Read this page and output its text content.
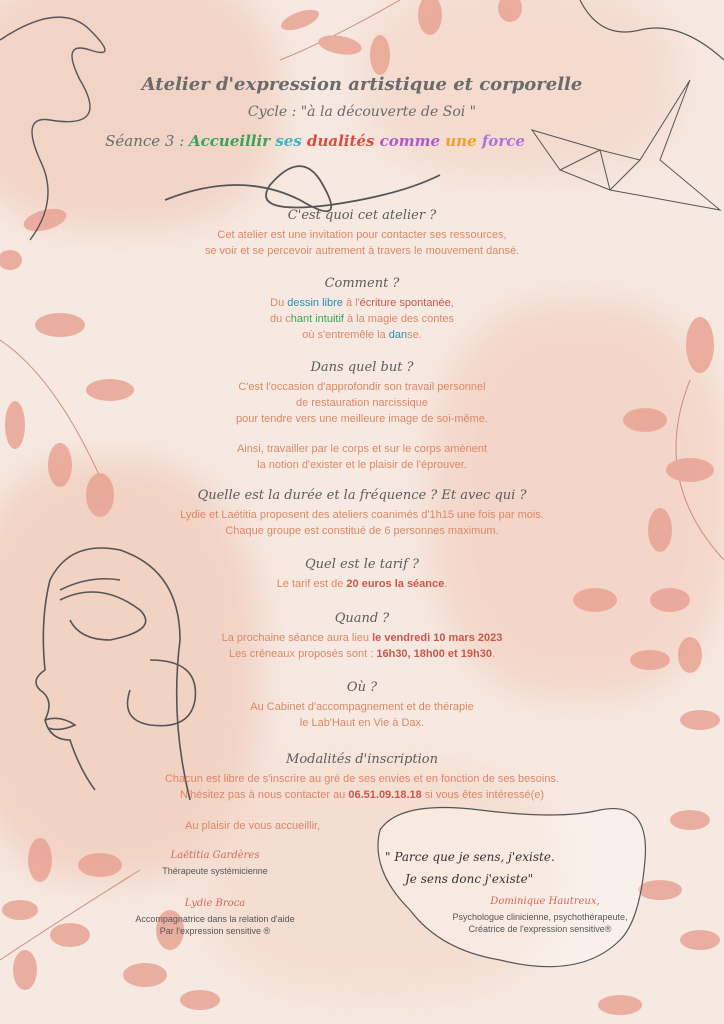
Atelier d'expression artistique et corporelle
Cycle : "à la découverte de Soi "
Séance 3 : Accueillir ses dualités comme une force
C'est quoi cet atelier ?
Cet atelier est une invitation pour contacter ses ressources,
se voir et se percevoir autrement à travers le mouvement dansé.
Comment ?
Du dessin libre à l'écriture spontanée,
du chant intuitif à la magie des contes
où s'entremêle la danse.
Dans quel but ?
C'est l'occasion d'approfondir son travail personnel
de restauration narcissique
pour tendre vers une meilleure image de soi-même.
Ainsi, travailler par le corps et sur le corps amènent
la notion d'exister et le plaisir de l'éprouver.
Quelle est la durée et la fréquence ? Et avec qui ?
Lydie et Laétitia proposent des ateliers coanimés d'1h15 une fois par mois.
Chaque groupe est constitué de 6 personnes maximum.
Quel est le tarif ?
Le tarif est de 20 euros la séance.
Quand ?
La prochaine séance aura lieu le vendredi 10 mars 2023
Les créneaux proposés sont : 16h30, 18h00 et 19h30.
Où ?
Au Cabinet d'accompagnement et de thérapie
le Lab'Haut en Vie à Dax.
Modalités d'inscription
Chacun est libre de s'inscrire au gré de ses envies et en fonction de ses besoins.
N'hésitez pas à nous contacter au 06.51.09.18.18 si vous êtes intéressé(e)
Au plaisir de vous accueillir,
Laëtitia Gardères
Thérapeute systémicienne
Lydie Broca
Accompagnatrice dans la relation d'aide
Par l'expression sensitive ®
" Parce que je sens, j'existe.
Je sens donc j'existe"
Dominique Hautreux,
Psychologue clinicienne, psychothérapeute,
Créatrice de l'expression sensitive®
